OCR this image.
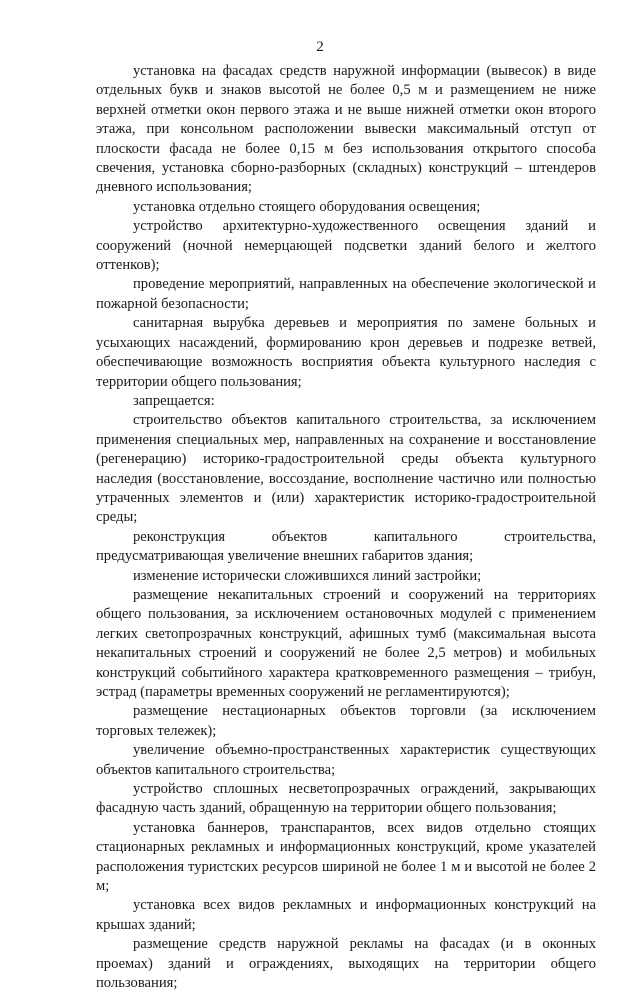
2

установка на фасадах средств наружной информации (вывесок) в виде отдельных букв и знаков высотой не более 0,5 м и размещением не ниже верхней отметки окон первого этажа и не выше нижней отметки окон второго этажа, при консольном расположении вывески максимальный отступ от плоскости фасада не более 0,15 м без использования открытого способа свечения, установка сборно-разборных (складных) конструкций – штендеров дневного использования;

установка отдельно стоящего оборудования освещения;

устройство архитектурно-художественного освещения зданий и сооружений (ночной немерцающей подсветки зданий белого и желтого оттенков);

проведение мероприятий, направленных на обеспечение экологической и пожарной безопасности;

санитарная вырубка деревьев и мероприятия по замене больных и усыхающих насаждений, формированию крон деревьев и подрезке ветвей, обеспечивающие возможность восприятия объекта культурного наследия с территории общего пользования;

запрещается:

строительство объектов капитального строительства, за исключением применения специальных мер, направленных на сохранение и восстановление (регенерацию) историко-градостроительной среды объекта культурного наследия (восстановление, воссоздание, восполнение частично или полностью утраченных элементов и (или) характеристик историко-градостроительной среды;

реконструкция объектов капитального строительства, предусматривающая увеличение внешних габаритов здания;

изменение исторически сложившихся линий застройки;

размещение некапитальных строений и сооружений на территориях общего пользования, за исключением остановочных модулей с применением легких светопрозрачных конструкций, афишных тумб (максимальная высота некапитальных строений и сооружений не более 2,5 метров) и мобильных конструкций событийного характера кратковременного размещения – трибун, эстрад (параметры временных сооружений не регламентируются);

размещение нестационарных объектов торговли (за исключением торговых тележек);

увеличение объемно-пространственных характеристик существующих объектов капитального строительства;

устройство сплошных несветопрозрачных ограждений, закрывающих фасадную часть зданий, обращенную на территории общего пользования;

установка баннеров, транспарантов, всех видов отдельно стоящих стационарных рекламных и информационных конструкций, кроме указателей расположения туристских ресурсов шириной не более 1 м и высотой не более 2 м;

установка всех видов рекламных и информационных конструкций на крышах зданий;

размещение средств наружной рекламы на фасадах (и в оконных проемах) зданий и ограждениях, выходящих на территории общего пользования;
